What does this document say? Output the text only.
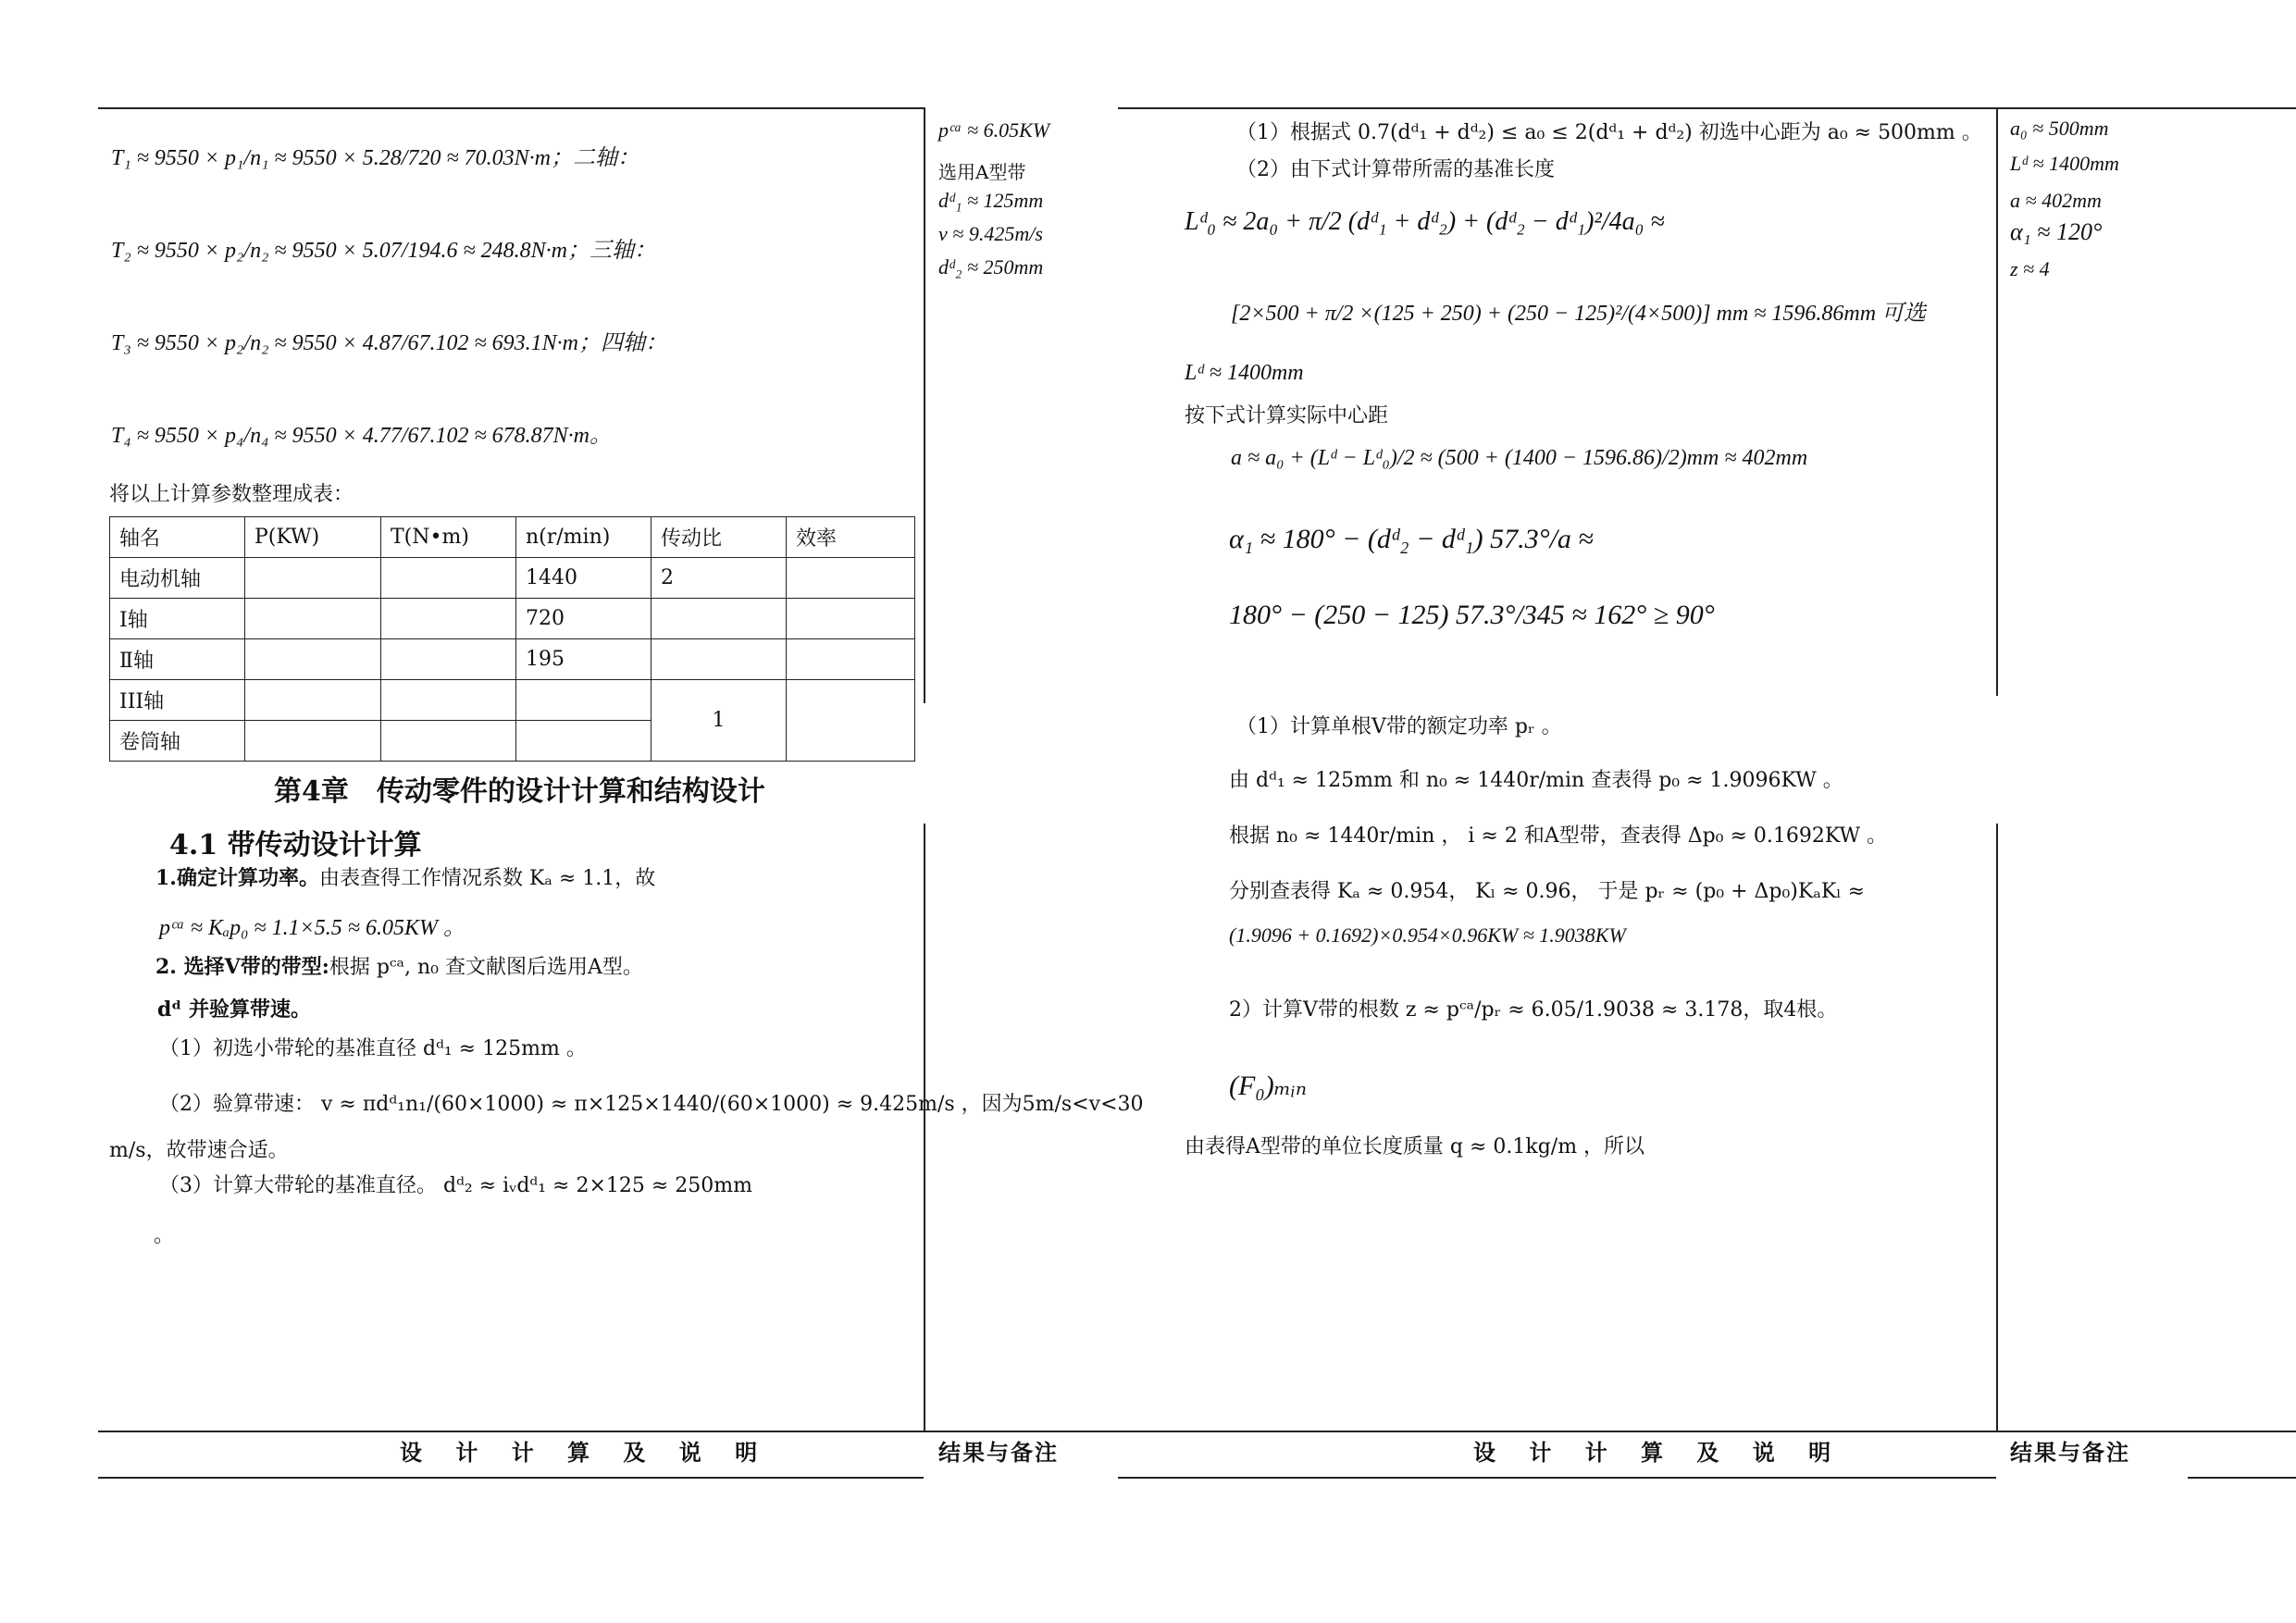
T₁ ≈ 9550 × p₁/n₁ ≈ 9550 × 5.28/720 ≈ 70.03N·m；二轴：
T₂ ≈ 9550 × p₂/n₂ ≈ 9550 × 5.07/194.6 ≈ 248.8N·m；三轴：
T₃ ≈ 9550 × p₂/n₂ ≈ 9550 × 4.87/67.102 ≈ 693.1N·m；四轴：
T₄ ≈ 9550 × p₄/n₄ ≈ 9550 × 4.77/67.102 ≈ 678.87N·m。
将以上计算参数整理成表：
轴名	P(KW)	T(N•m)	n(r/min)	传动比	效率
电动机轴			1440	2	
Ⅰ轴			720		
Ⅱ轴			195		
III轴				1	
卷筒轴					
第4章　传动零件的设计计算和结构设计
4.1 带传动设计计算
1.确定计算功率。由表查得工作情况系数 Kₐ ≈ 1.1，故
pᶜᵃ ≈ Kₐp₀ ≈ 1.1×5.5 ≈ 6.05KW 。
2. 选择V带的带型:根据 pᶜᵃ, n₀ 查文献图后选用A型。
dᵈ 并验算带速。
（1）初选小带轮的基准直径 dᵈ₁ ≈ 125mm 。
（2）验算带速： v ≈ πdᵈ₁n₁/(60×1000) ≈ π×125×1440/(60×1000) ≈ 9.425m/s ，因为5m/s<v<30
m/s，故带速合适。
（3）计算大带轮的基准直径。 dᵈ₂ ≈ iᵥdᵈ₁ ≈ 2×125 ≈ 250mm
。
pᶜᵃ ≈ 6.05KW
选用A型带
dᵈ₁ ≈ 125mm
v ≈ 9.425m/s
dᵈ₂ ≈ 250mm
（1）根据式 0.7(dᵈ₁ + dᵈ₂) ≤ a₀ ≤ 2(dᵈ₁ + dᵈ₂) 初选中心距为 a₀ ≈ 500mm 。
（2）由下式计算带所需的基准长度
Lᵈ₀ ≈ 2a₀ + π/2 (dᵈ₁ + dᵈ₂) + (dᵈ₂ − dᵈ₁)²/4a₀ ≈
[2×500 + π/2 ×(125 + 250) + (250 − 125)²/(4×500)] mm ≈ 1596.86mm 可选
Lᵈ ≈ 1400mm
按下式计算实际中心距
a ≈ a₀ + (Lᵈ − Lᵈ₀)/2 ≈ (500 + (1400 − 1596.86)/2)mm ≈ 402mm
α₁ ≈ 180° − (dᵈ₂ − dᵈ₁) 57.3°/a ≈
180° − (250 − 125) 57.3°/345 ≈ 162° ≥ 90°
（1）计算单根V带的额定功率 pᵣ 。
由 dᵈ₁ ≈ 125mm 和 n₀ ≈ 1440r/min 查表得 p₀ ≈ 1.9096KW 。
根据 n₀ ≈ 1440r/min ， i ≈ 2 和A型带，查表得 Δp₀ ≈ 0.1692KW 。
分别查表得 Kₐ ≈ 0.954， Kₗ ≈ 0.96， 于是 pᵣ ≈ (p₀ + Δp₀)KₐKₗ ≈
(1.9096 + 0.1692)×0.954×0.96KW ≈ 1.9038KW
2）计算V带的根数 z ≈ pᶜᵃ/pᵣ ≈ 6.05/1.9038 ≈ 3.178，取4根。
(F₀)ₘᵢₙ
由表得A型带的单位长度质量 q ≈ 0.1kg/m ，所以
a₀ ≈ 500mm
Lᵈ ≈ 1400mm
a ≈ 402mm
α₁ ≈ 120°
z ≈ 4
设 计 计 算 及 说 明	结果与备注	设 计 计 算 及 说 明	结果与备注
